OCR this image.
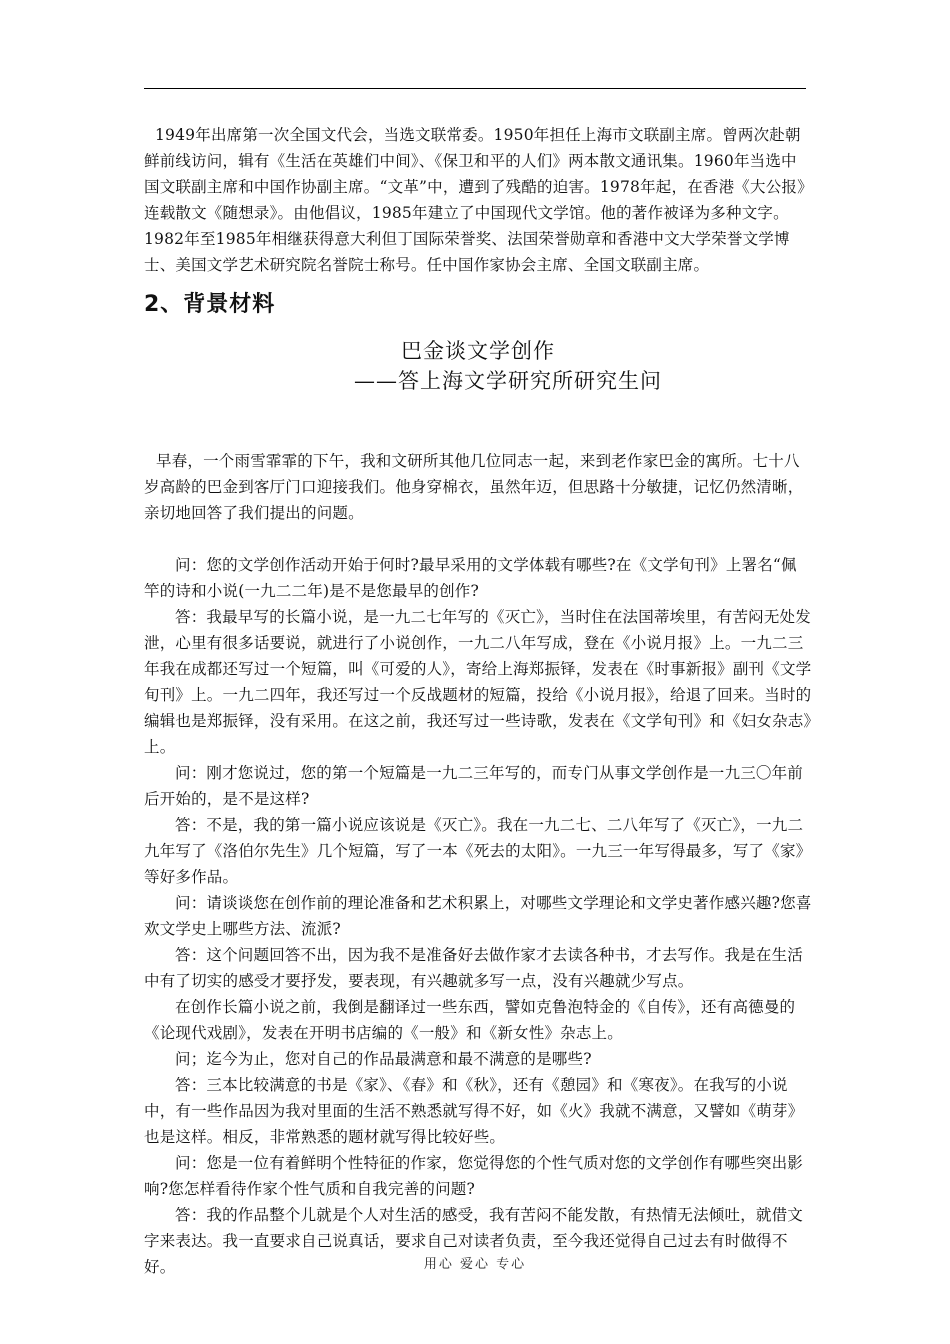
1949年出席第一次全国文代会，当选文联常委。1950年担任上海市文联副主席。曾两次赴朝鲜前线访问，辑有《生活在英雄们中间》、《保卫和平的人们》两本散文通讯集。1960年当选中国文联副主席和中国作协副主席。“文革”中，遭到了残酷的迫害。1978年起，在香港《大公报》连载散文《随想录》。由他倡议，1985年建立了中国现代文学馆。他的著作被译为多种文字。1982年至1985年相继获得意大利但丁国际荣誉奖、法国荣誉勋章和香港中文大学荣誉文学博士、美国文学艺术研究院名誉院士称号。任中国作家协会主席、全国文联副主席。

2、背景材料
巴金谈文学创作
——答上海文学研究所研究生问

早春，一个雨雪霏霏的下午，我和文研所其他几位同志一起，来到老作家巴金的寓所。七十八岁高龄的巴金到客厅门口迎接我们。他身穿棉衣，虽然年迈，但思路十分敏捷，记忆仍然清晰，亲切地回答了我们提出的问题。

问：您的文学创作活动开始于何时?最早采用的文学体载有哪些?在《文学旬刊》上署名“佩竿的诗和小说(一九二二年)是不是您最早的创作?

答：我最早写的长篇小说，是一九二七年写的《灭亡》，当时住在法国蒂埃里，有苦闷无处发泄，心里有很多话要说，就进行了小说创作，一九二八年写成，登在《小说月报》上。一九二三年我在成都还写过一个短篇，叫《可爱的人》，寄给上海郑振铎，发表在《时事新报》副刊《文学旬刊》上。一九二四年，我还写过一个反战题材的短篇，投给《小说月报》，给退了回来。当时的编辑也是郑振铎，没有采用。在这之前，我还写过一些诗歌，发表在《文学旬刊》和《妇女杂志》上。

问：刚才您说过，您的第一个短篇是一九二三年写的，而专门从事文学创作是一九三〇年前后开始的，是不是这样?

答：不是，我的第一篇小说应该说是《灭亡》。我在一九二七、二八年写了《灭亡》，一九二九年写了《洛伯尔先生》几个短篇，写了一本《死去的太阳》。一九三一年写得最多，写了《家》等好多作品。

问：请谈谈您在创作前的理论准备和艺术积累上，对哪些文学理论和文学史著作感兴趣?您喜欢文学史上哪些方法、流派?

答：这个问题回答不出，因为我不是准备好去做作家才去读各种书，才去写作。我是在生活中有了切实的感受才要抒发，要表现，有兴趣就多写一点，没有兴趣就少写点。

在创作长篇小说之前，我倒是翻译过一些东西，譬如克鲁泡特金的《自传》，还有高德曼的《论现代戏剧》，发表在开明书店编的《一般》和《新女性》杂志上。

问；迄今为止，您对自己的作品最满意和最不满意的是哪些?

答：三本比较满意的书是《家》、《春》和《秋》，还有《憩园》和《寒夜》。在我写的小说中，有一些作品因为我对里面的生活不熟悉就写得不好，如《火》我就不满意，又譬如《萌芽》也是这样。相反，非常熟悉的题材就写得比较好些。

问：您是一位有着鲜明个性特征的作家，您觉得您的个性气质对您的文学创作有哪些突出影响?您怎样看待作家个性气质和自我完善的问题?

答：我的作品整个儿就是个人对生活的感受，我有苦闷不能发散，有热情无法倾吐，就借文字来表达。我一直要求自己说真话，要求自己对读者负责，至今我还觉得自己过去有时做得不好。	用心 爱心 专心
